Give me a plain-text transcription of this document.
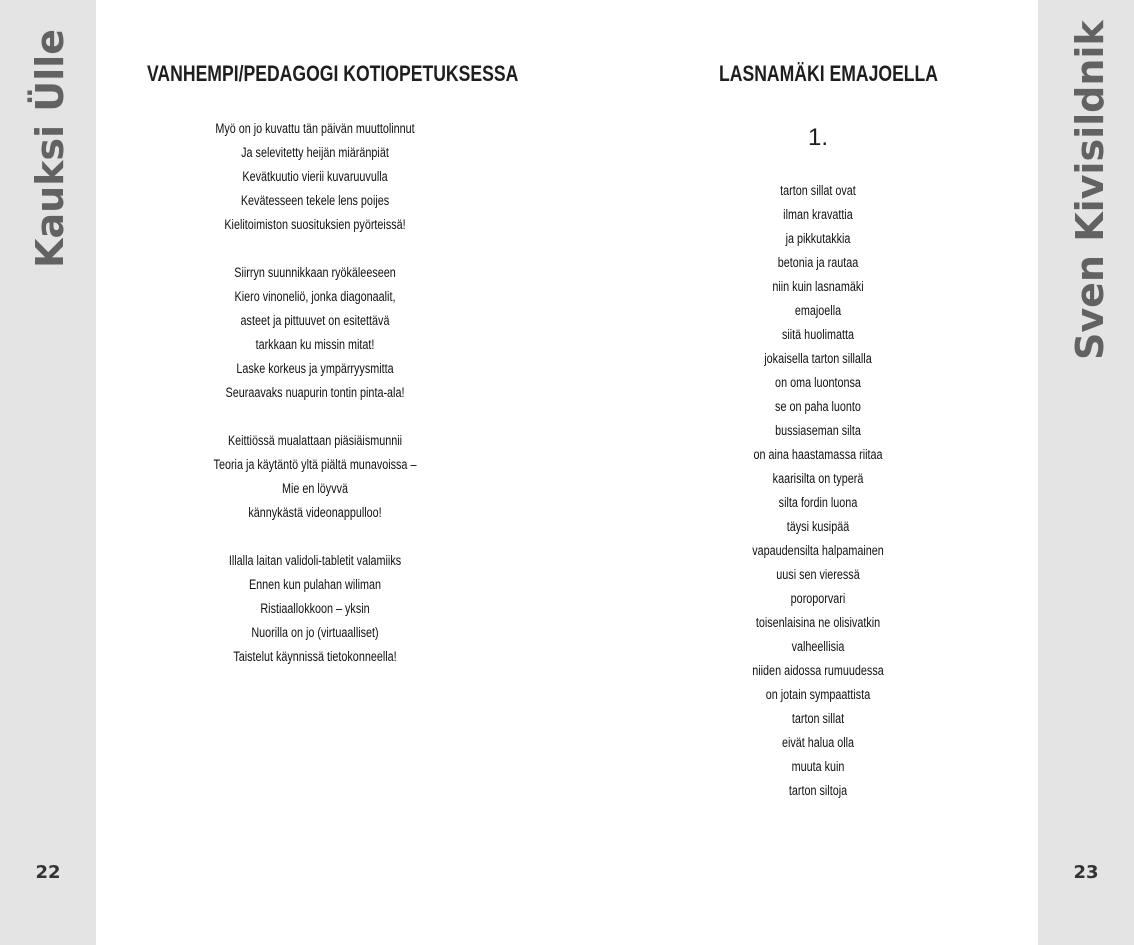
Kauksi Ülle	Sven Kivisildnik
22	23
VANHEMPI/PEDAGOGI KOTIOPETUKSESSA
Myö on jo kuvattu tän päivän muuttolinnut
Ja selevitetty heijän miäränpiät
Kevätkuutio vierii kuvaruuvulla
Kevätesseen tekele lens poijes
Kielitoimiston suosituksien pyörteissä!
Siirryn suunnikkaan ryökäleeseen
Kiero vinoneliö, jonka diagonaalit,
asteet ja pittuuvet on esitettävä
tarkkaan ku missin mitat!
Laske korkeus ja ympärryysmitta
Seuraavaks nuapurin tontin pinta-ala!
Keittiössä mualattaan piäsiäismunnii
Teoria ja käytäntö yltä piältä munavoissa –
Mie en löyvvä
kännykästä videonappulloo!
Illalla laitan validoli-tabletit valamiiks
Ennen kun pulahan wiliman
Ristiaallokkoon – yksin
Nuorilla on jo (virtuaalliset)
Taistelut käynnissä tietokonneella!
LASNAMÄKI EMAJOELLA
1.
tarton sillat ovat
ilman kravattia
ja pikkutakkia
betonia ja rautaa
niin kuin lasnamäki
emajoella
siitä huolimatta
jokaisella tarton sillalla
on oma luontonsa
se on paha luonto
bussiaseman silta
on aina haastamassa riitaa
kaarisilta on typerä
silta fordin luona
täysi kusipää
vapaudensilta halpamainen
uusi sen vieressä
poroporvari
toisenlaisina ne olisivatkin
valheellisia
niiden aidossa rumuudessa
on jotain sympaattista
tarton sillat
eivät halua olla
muuta kuin
tarton siltoja
